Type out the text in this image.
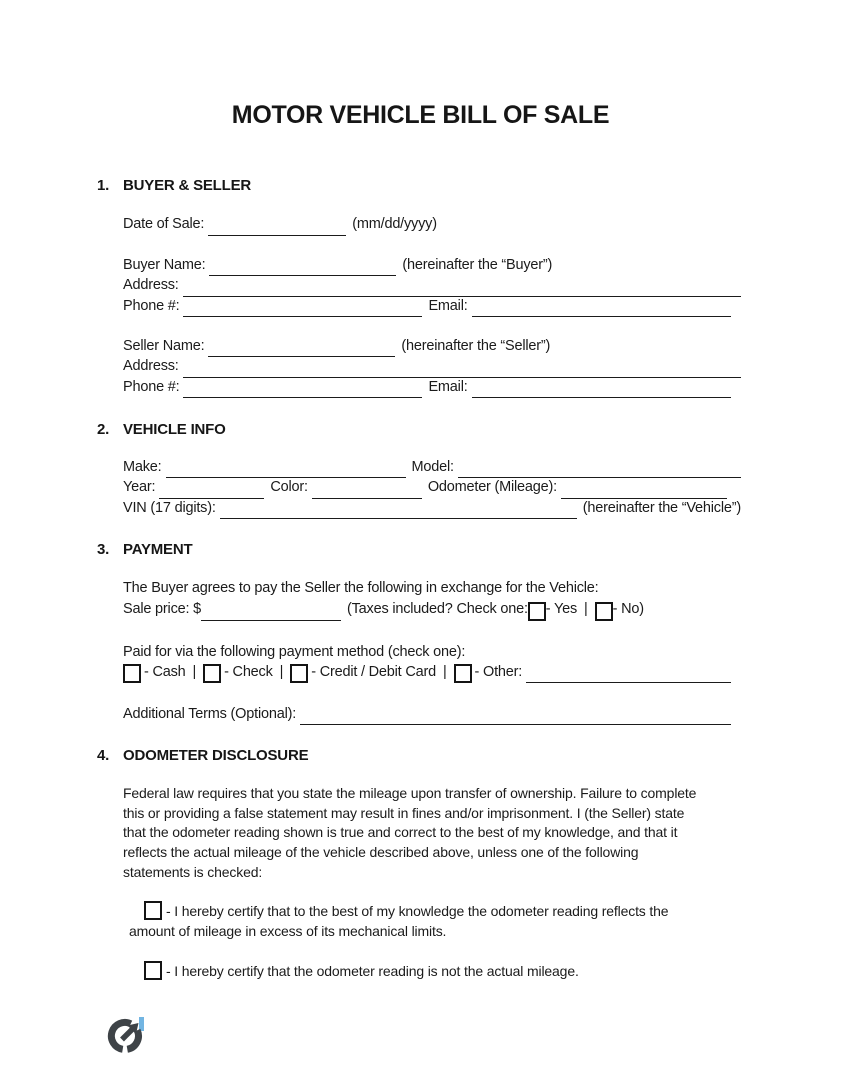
MOTOR VEHICLE BILL OF SALE
1. BUYER & SELLER
Date of Sale:	(mm/dd/yyyy)
Buyer Name:	(hereinafter the “Buyer”)
Address:
Phone #:	Email:
Seller Name:	(hereinafter the “Seller”)
Address:
Phone #:	Email:
2. VEHICLE INFO
Make:	Model:
Year:	Color:	Odometer (Mileage):
VIN (17 digits):	(hereinafter the “Vehicle”)
3. PAYMENT
The Buyer agrees to pay the Seller the following in exchange for the Vehicle:
Sale price: $	(Taxes included? Check one: - Yes | - No)
Paid for via the following payment method (check one):
- Cash | - Check | - Credit / Debit Card | - Other:
Additional Terms (Optional):
4. ODOMETER DISCLOSURE
Federal law requires that you state the mileage upon transfer of ownership. Failure to complete
this or providing a false statement may result in fines and/or imprisonment. I (the Seller) state
that the odometer reading shown is true and correct to the best of my knowledge, and that it
reflects the actual mileage of the vehicle described above, unless one of the following
statements is checked:
- I hereby certify that to the best of my knowledge the odometer reading reflects the
amount of mileage in excess of its mechanical limits.
- I hereby certify that the odometer reading is not the actual mileage.
